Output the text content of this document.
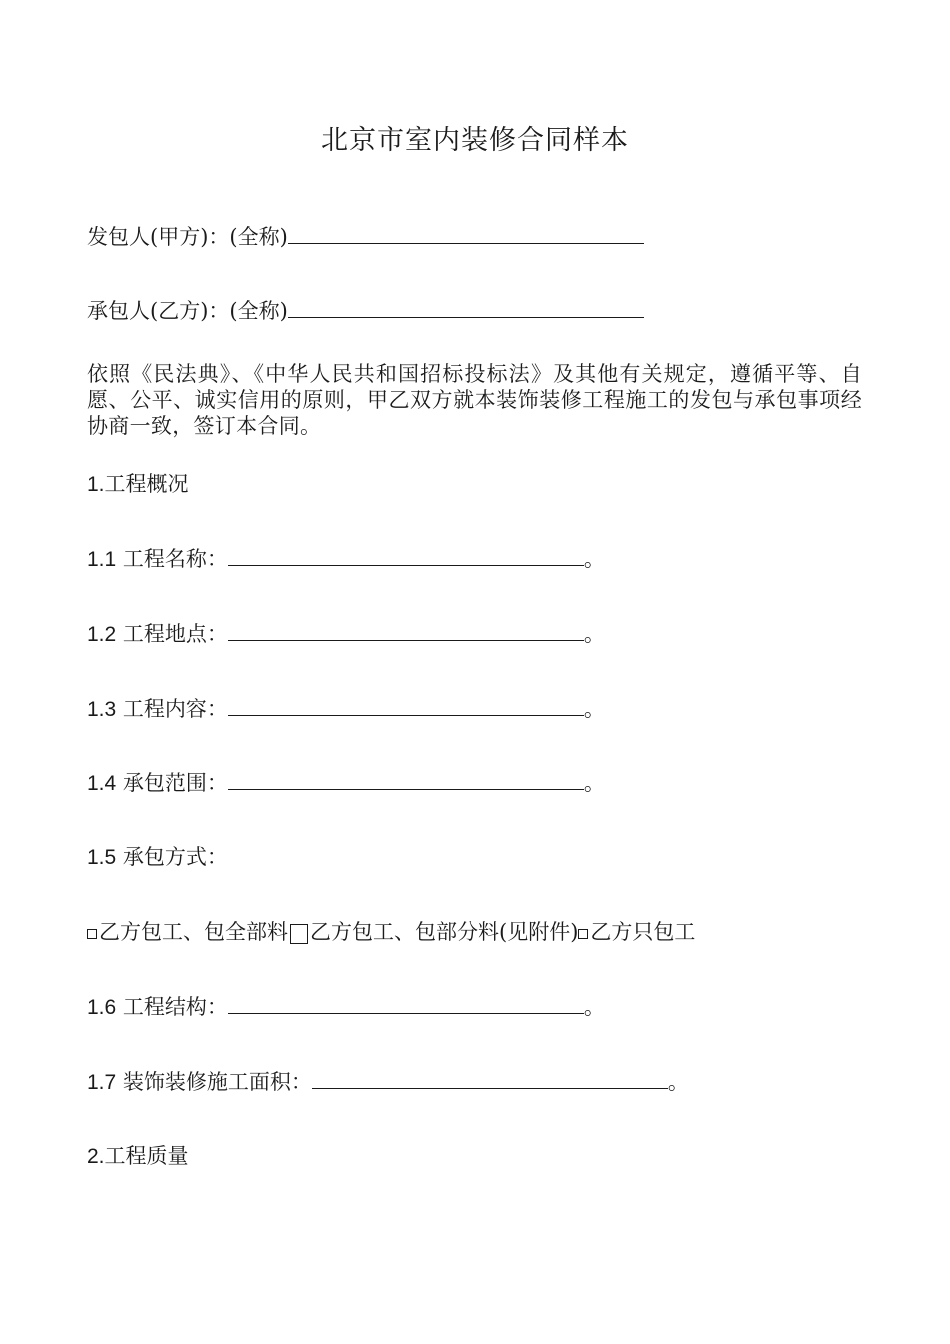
北京市室内装修合同样本
发包人(甲方)：(全称)
承包人(乙方)：(全称)
依照《民法典》、《中华人民共和国招标投标法》及其他有关规定，遵循平等、自愿、公平、诚实信用的原则，甲乙双方就本装饰装修工程施工的发包与承包事项经协商一致，签订本合同。
1.工程概况
1.1 工程名称：	。
1.2 工程地点：	。
1.3 工程内容：	。
1.4 承包范围：	。
1.5 承包方式：
乙方包工、包全部料 乙方包工、包部分料(见附件) 乙方只包工
1.6 工程结构：	。
1.7 装饰装修施工面积：	。
2.工程质量
